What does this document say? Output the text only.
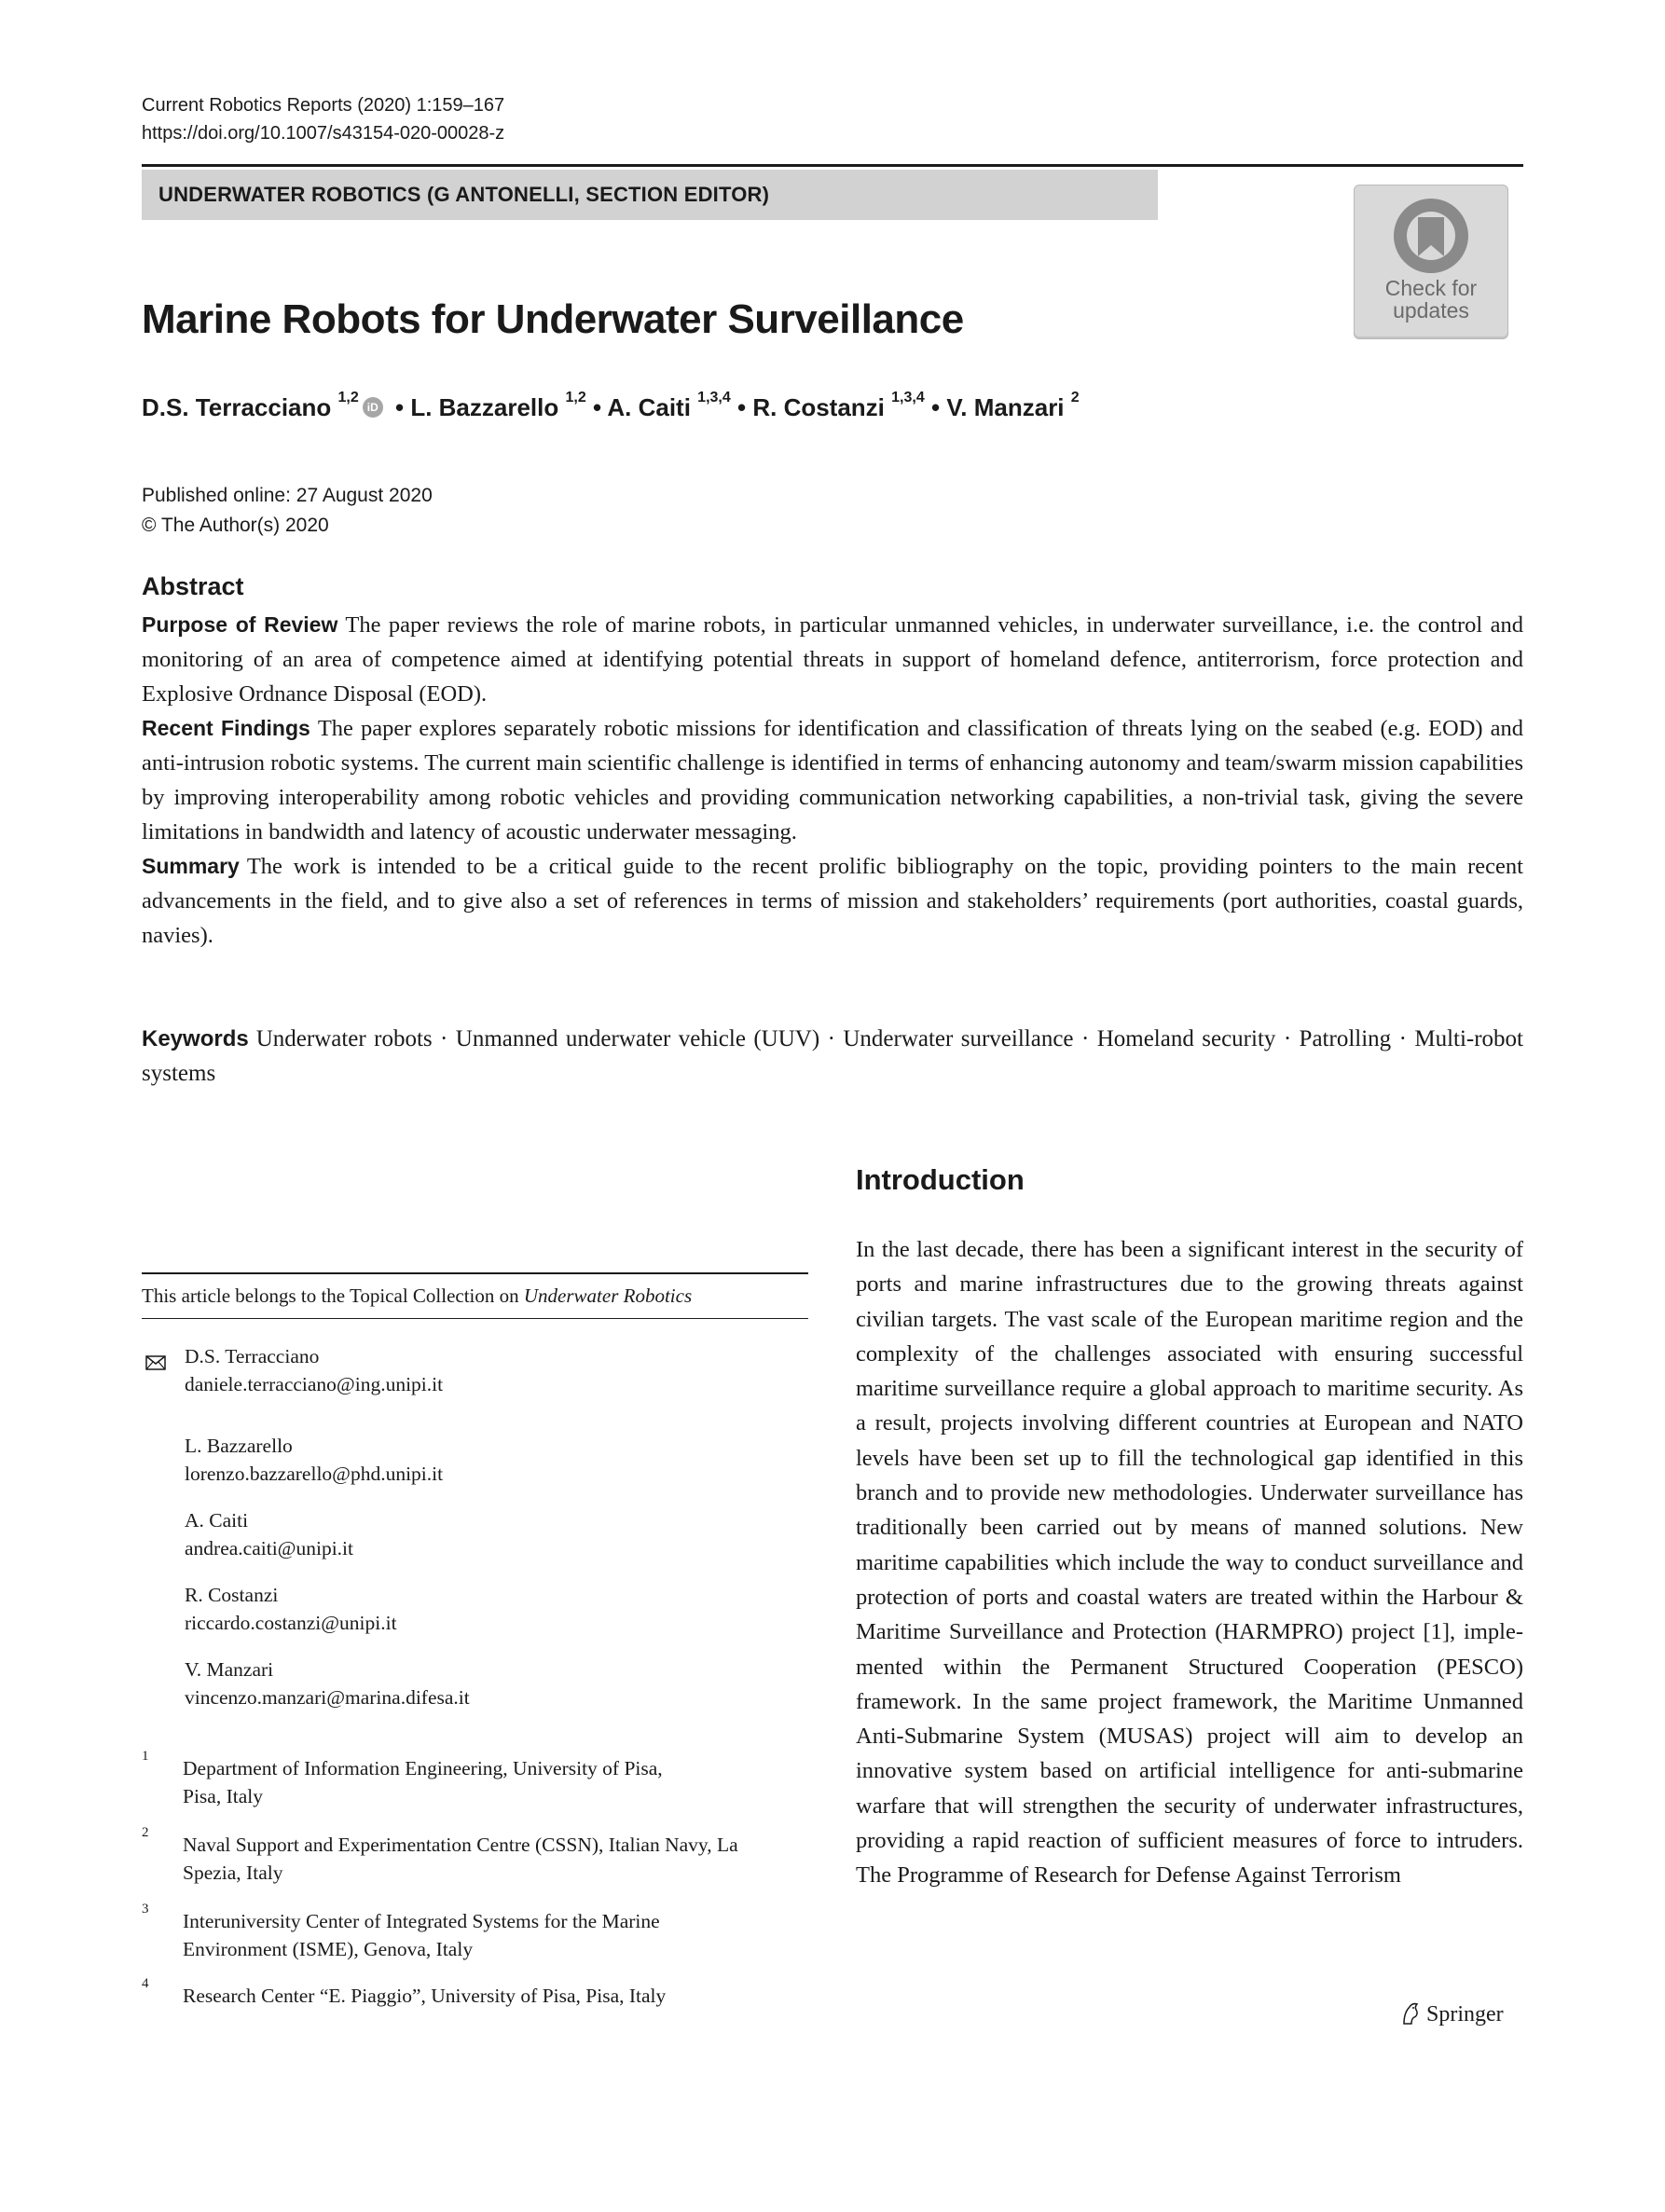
Current Robotics Reports (2020) 1:159–167
https://doi.org/10.1007/s43154-020-00028-z
UNDERWATER ROBOTICS (G ANTONELLI, SECTION EDITOR)
Check for
updates
Marine Robots for Underwater Surveillance
D.S. Terracciano $^{1,2}$iD • L. Bazzarello $^{1,2}$ • A. Caiti $^{1,3,4}$ • R. Costanzi $^{1,3,4}$ • V. Manzari $^2$
Published online: 27 August 2020
© The Author(s) 2020
Abstract

Purpose of Review The paper reviews the role of marine robots, in particular unmanned vehicles, in underwater surveillance, i.e. the control and monitoring of an area of competence aimed at identifying potential threats in support of homeland defence, antiterrorism, force protection and Explosive Ordnance Disposal (EOD).

Recent Findings The paper explores separately robotic missions for identification and classification of threats lying on the seabed (e.g. EOD) and anti-intrusion robotic systems. The current main scientific challenge is identified in terms of enhancing autonomy and team/swarm mission capabilities by improving interoperability among robotic vehicles and providing communication networking capabilities, a non-trivial task, giving the severe limitations in bandwidth and latency of acoustic underwater messaging.

Summary The work is intended to be a critical guide to the recent prolific bibliography on the topic, providing pointers to the main recent advancements in the field, and to give also a set of references in terms of mission and stakeholders’ requirements (port authorities, coastal guards, navies).

Keywords Underwater robots · Unmanned underwater vehicle (UUV) · Underwater surveillance · Homeland security · Patrolling · Multi-robot systems
Introduction

In the last decade, there has been a significant interest in the security of ports and marine infrastructures due to the growing threats against civilian targets. The vast scale of the European maritime region and the complexity of the challenges associated with ensuring successful maritime surveillance require a global approach to maritime security. As a result, projects involving different countries at European and NATO levels have been set up to fill the technological gap identified in this branch and to provide new methodologies. Underwater surveillance has traditionally been carried out by means of manned solutions. New maritime capabilities which include the way to conduct surveillance and protection of ports and coastal waters are treated within the Harbour & Maritime Surveillance and Protection (HARMPRO) project [1], implemented within the Permanent Structured Cooperation (PESCO) framework. In the same project framework, the Maritime Unmanned Anti-Submarine System (MUSAS) project will aim to develop an innovative system based on artificial intelligence for anti-submarine warfare that will strengthen the security of underwater infrastructures, providing a rapid reaction of sufficient measures of force to intruders. The Programme of Research for Defense Against Terrorism

This article belongs to the Topical Collection on Underwater Robotics
D.S. Terracciano
daniele.terracciano@ing.unipi.it
L. Bazzarello
lorenzo.bazzarello@phd.unipi.it
A. Caiti
andrea.caiti@unipi.it
R. Costanzi
riccardo.costanzi@unipi.it
V. Manzari
vincenzo.manzari@marina.difesa.it
1
Department of Information Engineering, University of Pisa,
Pisa, Italy
2
Naval Support and Experimentation Centre (CSSN), Italian Navy, La
Spezia, Italy
3
Interuniversity Center of Integrated Systems for the Marine
Environment (ISME), Genova, Italy
4
Research Center “E. Piaggio”, University of Pisa, Pisa, Italy
Springer
